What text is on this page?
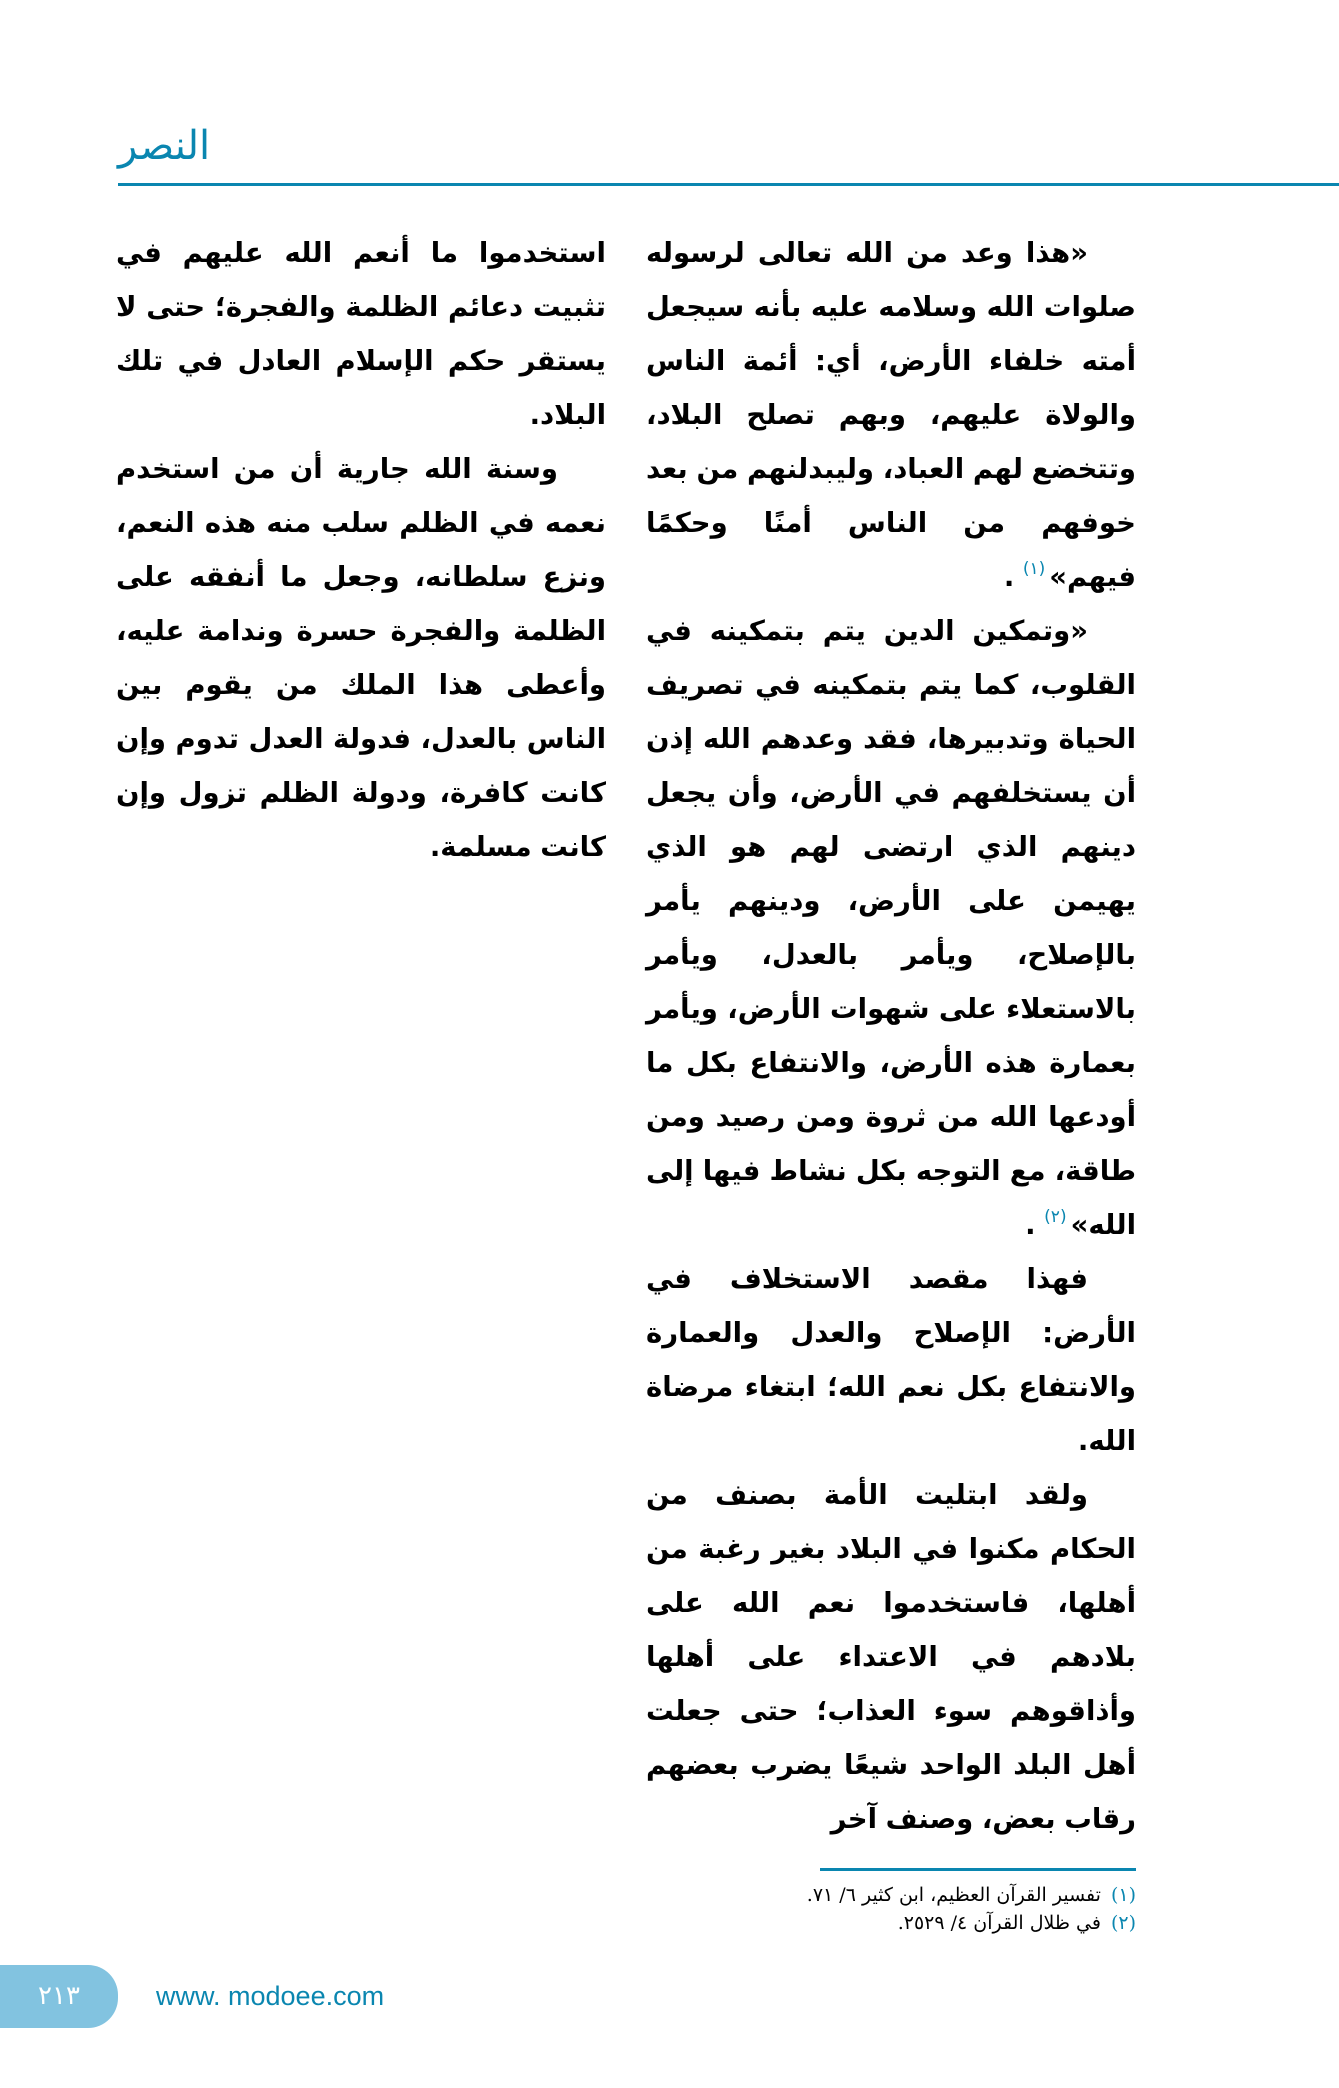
النصر

«هذا وعد من الله تعالى لرسوله صلوات الله وسلامه عليه بأنه سيجعل أمته خلفاء الأرض، أي: أئمة الناس والولاة عليهم، وبهم تصلح البلاد، وتتخضع لهم العباد، وليبدلنهم من بعد خوفهم من الناس أمنًا وحكمًا فيهم»$^{(١)}$ .

«وتمكين الدين يتم بتمكينه في القلوب، كما يتم بتمكينه في تصريف الحياة وتدبيرها، فقد وعدهم الله إذن أن يستخلفهم في الأرض، وأن يجعل دينهم الذي ارتضى لهم هو الذي يهيمن على الأرض، ودينهم يأمر بالإصلاح، ويأمر بالعدل، ويأمر بالاستعلاء على شهوات الأرض، ويأمر بعمارة هذه الأرض، والانتفاع بكل ما أودعها الله من ثروة ومن رصيد ومن طاقة، مع التوجه بكل نشاط فيها إلى الله»$^{(٢)}$ .

فهذا مقصد الاستخلاف في الأرض: الإصلاح والعدل والعمارة والانتفاع بكل نعم الله؛ ابتغاء مرضاة الله.

ولقد ابتليت الأمة بصنف من الحكام مكنوا في البلاد بغير رغبة من أهلها، فاستخدموا نعم الله على بلادهم في الاعتداء على أهلها وأذاقوهم سوء العذاب؛ حتى جعلت أهل البلد الواحد شيعًا يضرب بعضهم رقاب بعض، وصنف آخر

استخدموا ما أنعم الله عليهم في تثبيت دعائم الظلمة والفجرة؛ حتى لا يستقر حكم الإسلام العادل في تلك البلاد.

وسنة الله جارية أن من استخدم نعمه في الظلم سلب منه هذه النعم، ونزع سلطانه، وجعل ما أنفقه على الظلمة والفجرة حسرة وندامة عليه، وأعطى هذا الملك من يقوم بين الناس بالعدل، فدولة العدل تدوم وإن كانت كافرة، ودولة الظلم تزول وإن كانت مسلمة.

(١)تفسير القرآن العظيم، ابن كثير ٦/ ٧١.
(٢)في ظلال القرآن ٤/ ٢٥٢٩.
٢١٣	www. modoee.com
